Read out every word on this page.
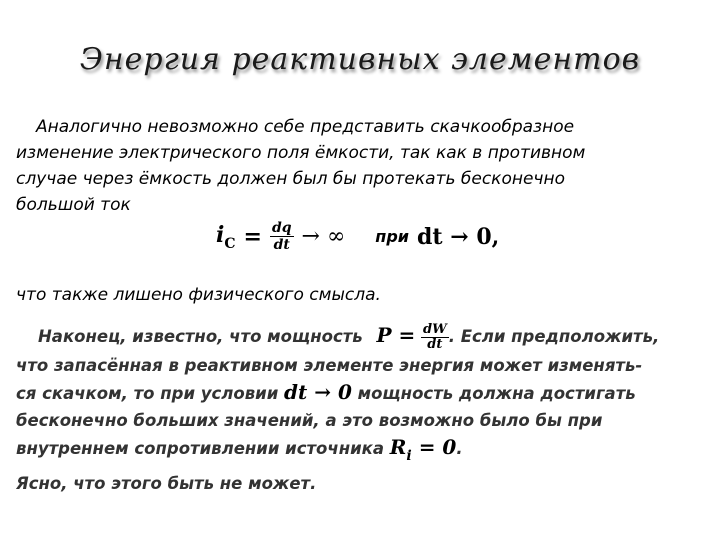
Энергия реактивных элементов
Аналогично невозможно себе представить скачкообразное
изменение электрического поля ёмкости, так как в противном
случае через ёмкость должен был бы протекать бесконечно
большой ток
$i_C = \frac{dq}{dt}$ → ∞ при dt → 0,
что также лишено физического смысла.
Наконец, известно, что мощность $P = \frac{dW}{dt}$ . Если предположить,
что запасённая в реактивном элементе энергия может изменять-
ся скачком, то при условии dt → 0 мощность должна достигать
бесконечно больших значений, а это возможно было бы при
внутреннем сопротивлении источника $R_i = 0$.
Ясно, что этого быть не может.
